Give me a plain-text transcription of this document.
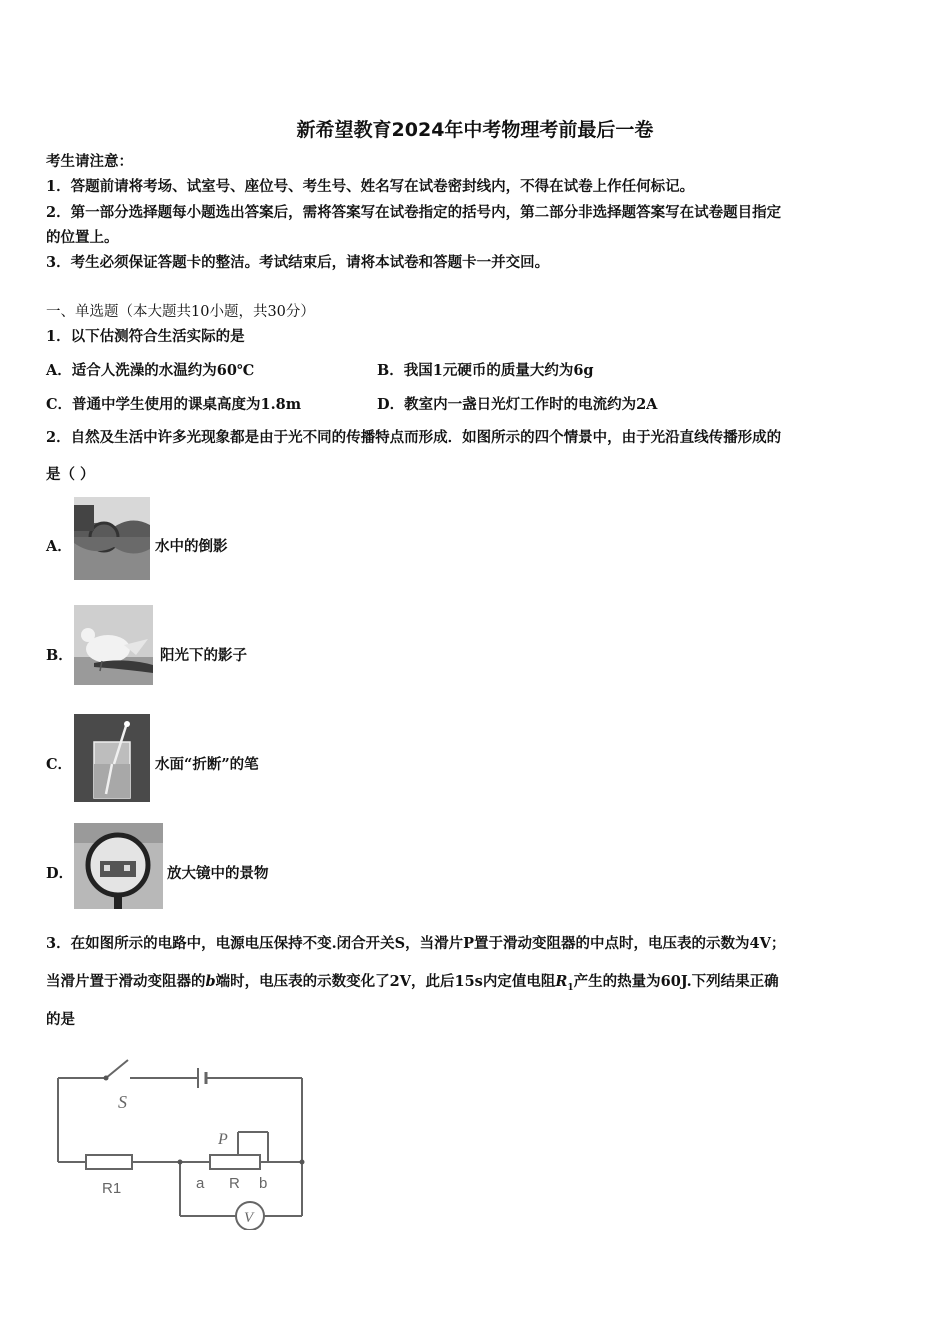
新希望教育2024年中考物理考前最后一卷
考生请注意：
1．答题前请将考场、试室号、座位号、考生号、姓名写在试卷密封线内，不得在试卷上作任何标记。
2．第一部分选择题每小题选出答案后，需将答案写在试卷指定的括号内，第二部分非选择题答案写在试卷题目指定
的位置上。
3．考生必须保证答题卡的整洁。考试结束后，请将本试卷和答题卡一并交回。
一、单选题（本大题共10小题，共30分）
1．以下估测符合生活实际的是
A．适合人洗澡的水温约为60℃	B．我国1元硬币的质量大约为6g
C．普通中学生使用的课桌高度为1.8m	D．教室内一盏日光灯工作时的电流约为2A
2．自然及生活中许多光现象都是由于光不同的传播特点而形成．如图所示的四个情景中，由于光沿直线传播形成的
是（ ）
A．	水中的倒影
B．	阳光下的影子
C．	水面“折断”的笔
D．	放大镜中的景物
3．在如图所示的电路中，电源电压保持不变.闭合开关S，当滑片P置于滑动变阻器的中点时，电压表的示数为4V；
当滑片置于滑动变阻器的b端时，电压表的示数变化了2V，此后15s内定值电阻$R_1$产生的热量为60J.下列结果正确
的是
S
P
R1	a R b
V
